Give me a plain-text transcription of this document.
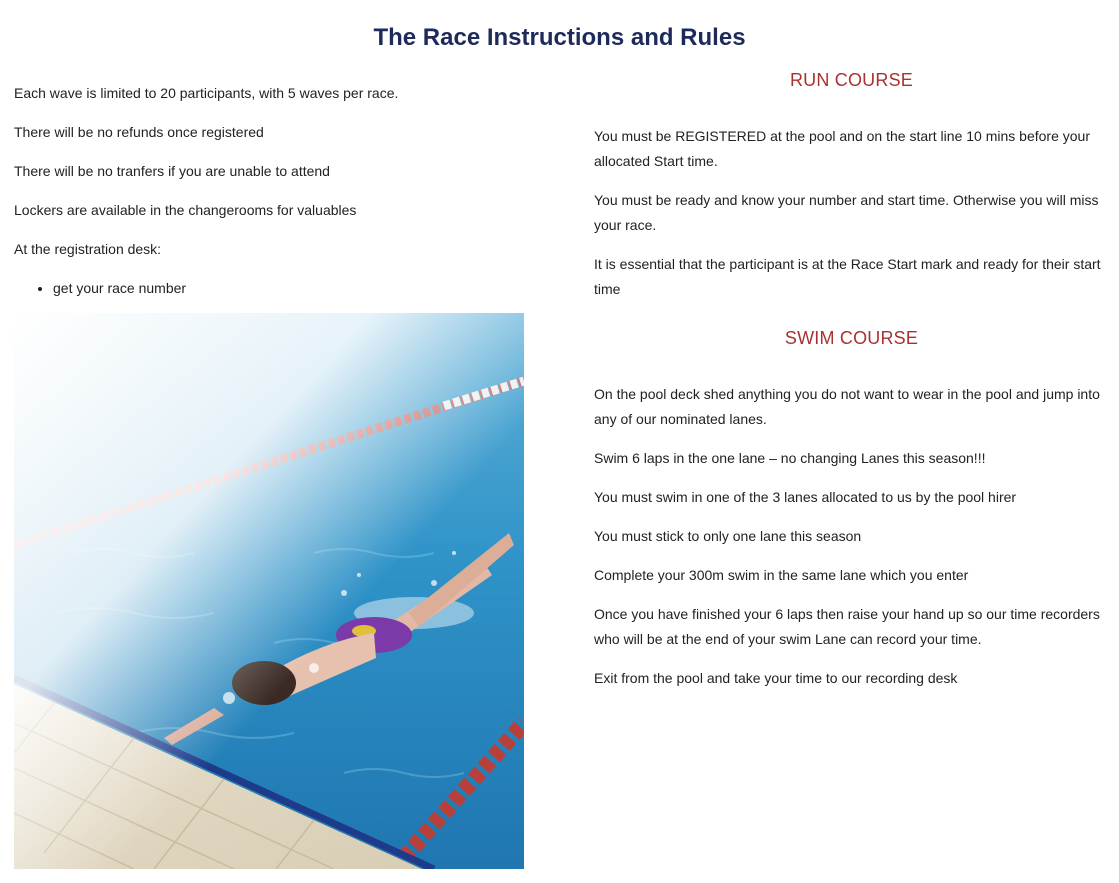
The Race Instructions and Rules

Each wave is limited to 20 participants, with 5 waves per race.

There will be no refunds once registered

There will be no tranfers if you are unable to attend

Lockers are available in the changerooms for valuables

At the registration desk:

• get your race number
RUN COURSE

You must be REGISTERED at the pool and on the start line 10 mins before your allocated Start time.

You must be ready and know your number and start time. Otherwise you will miss your race.

It is essential that the participant is at the Race Start mark and ready for their start time

SWIM COURSE

On the pool deck shed anything you do not want to wear in the pool and jump into any of our nominated lanes.

Swim 6 laps in the one lane – no changing Lanes this season!!!

You must swim in one of the 3 lanes allocated to us by the pool hirer

You must stick to only one lane this season

Complete your 300m swim in the same lane which you enter

Once you have finished your 6 laps then raise your hand up so our time recorders who will be at the end of your swim Lane can record your time.

Exit from the pool and take your time to our recording desk
